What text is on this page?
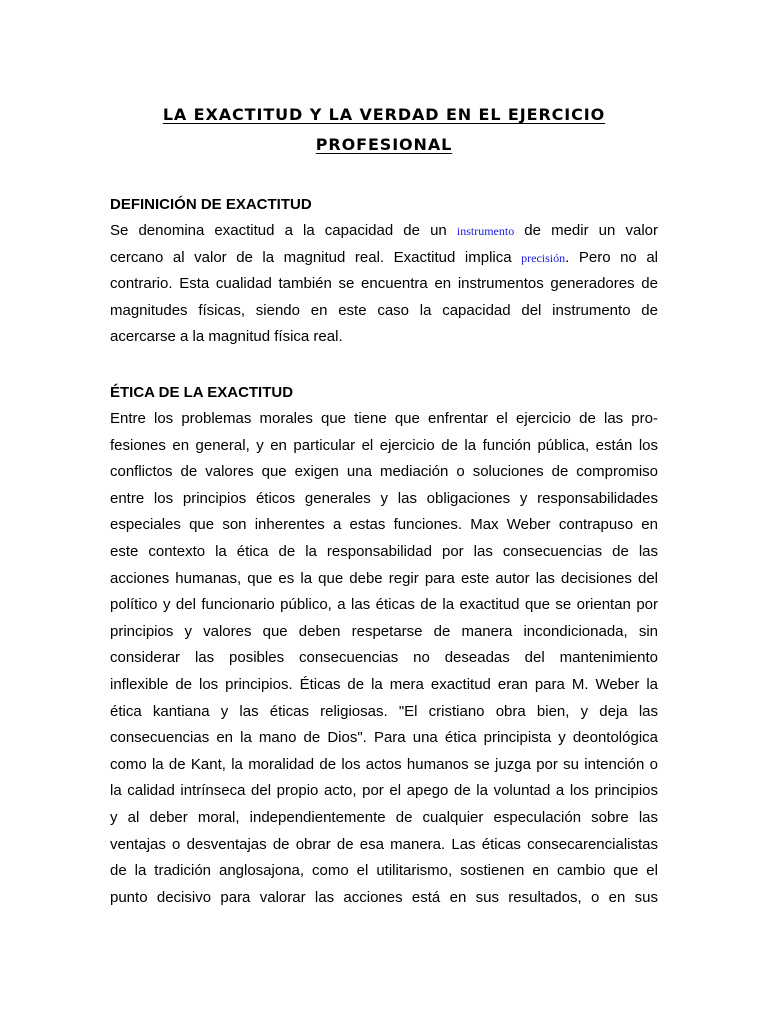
LA EXACTITUD Y LA VERDAD EN EL EJERCICIO
PROFESIONAL
DEFINICIÓN DE EXACTITUD
Se denomina exactitud a la capacidad de un instrumento de medir un valor
cercano al valor de la magnitud real. Exactitud implica precisión. Pero no al
contrario. Esta cualidad también se encuentra en instrumentos generadores de
magnitudes físicas, siendo en este caso la capacidad del instrumento de
acercarse a la magnitud física real.
ÉTICA DE LA EXACTITUD
Entre los problemas morales que tiene que enfrentar el ejercicio de las pro-
fesiones en general, y en particular el ejercicio de la función pública, están los
conflictos de valores que exigen una mediación o soluciones de compromiso
entre los principios éticos generales y las obligaciones y responsabilidades
especiales que son inherentes a estas funciones. Max Weber contrapuso en
este contexto la ética de la responsabilidad por las consecuencias de las
acciones humanas, que es la que debe regir para este autor las decisiones del
político y del funcionario público, a las éticas de la exactitud que se orientan por
principios y valores que deben respetarse de manera incondicionada, sin
considerar las posibles consecuencias no deseadas del mantenimiento
inflexible de los principios. Éticas de la mera exactitud eran para M. Weber la
ética kantiana y las éticas religiosas. "El cristiano obra bien, y deja las
consecuencias en la mano de Dios". Para una ética principista y deontológica
como la de Kant, la moralidad de los actos humanos se juzga por su intención o
la calidad intrínseca del propio acto, por el apego de la voluntad a los principios
y al deber moral, independientemente de cualquier especulación sobre las
ventajas o desventajas de obrar de esa manera. Las éticas consecarencialistas
de la tradición anglosajona, como el utilitarismo, sostienen en cambio que el
punto decisivo para valorar las acciones está en sus resultados, o en sus
